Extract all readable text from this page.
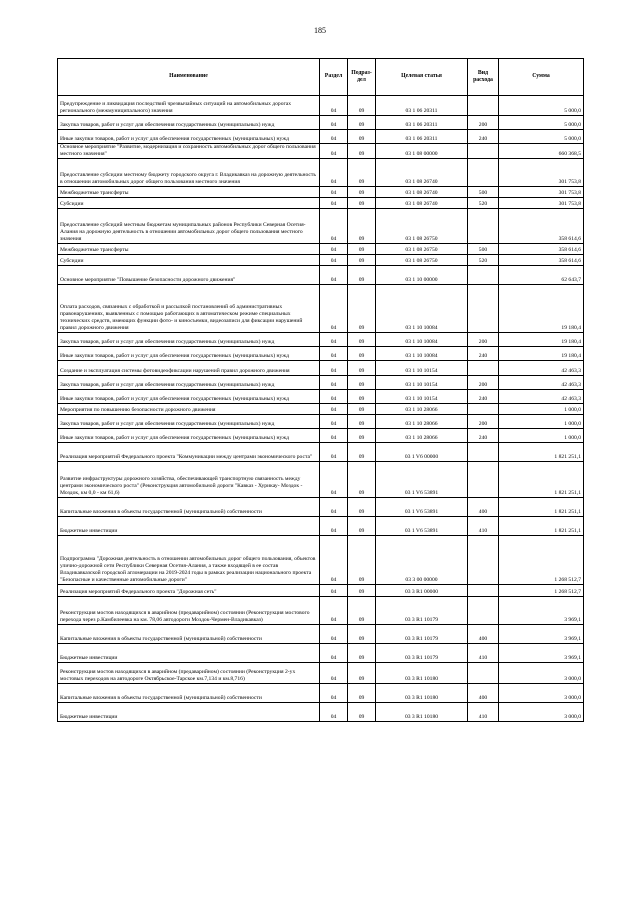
185
Наименование	Раздел	Подраз-дел	Целевая статья	Вид расхода	Сумма
Предупреждение и ликвидация последствий чрезвычайных ситуаций на автомобильных дорогах регионального (межмуниципального) значения	04	09	03 1 06 20311		5 000,0
Закупка товаров, работ и услуг для обеспечения государственных (муниципальных) нужд	04	09	03 1 06 20311	200	5 000,0
Иные закупки товаров, работ и услуг для обеспечения государственных (муниципальных) нужд	04	09	03 1 06 20311	240	5 000,0
Основное мероприятие "Развитие, модернизация и сохранность автомобильных дорог общего пользования местного значения"	04	09	03 1 08 00000		660 368,5
Предоставление субсидии местному бюджету городского округа г. Владикавказ на дорожную деятельность в отношении автомобильных дорог общего пользования местного значения	04	09	03 1 08 26740		301 753,8
Межбюджетные трансферты	04	09	03 1 08 26740	500	301 753,8
Субсидии	04	09	03 1 08 26740	520	301 753,8
Предоставление субсидий местным бюджетам муниципальных районов Республики Северная Осетия-Алания на дорожную деятельность в отношении автомобильных дорог общего пользования местного значения	04	09	03 1 08 26750		358 614,6
Межбюджетные трансферты	04	09	03 1 08 26750	500	358 614,6
Субсидии	04	09	03 1 08 26750	520	358 614,6
Основное мероприятие "Повышение безопасности дорожного движения"	04	09	03 1 10 00000		62 643,7
Оплата расходов, связанных с обработкой и рассылкой постановлений об административных правонарушениях, выявленных с помощью работающих в автоматическом режиме специальных технических средств, имеющих функции фото- и киносъемки, видеозаписи для фиксации нарушений правил дорожного движения	04	09	03 1 10 10084		19 180,4
Закупка товаров, работ и услуг для обеспечения государственных (муниципальных) нужд	04	09	03 1 10 10084	200	19 180,4
Иные закупки товаров, работ и услуг для обеспечения государственных (муниципальных) нужд	04	09	03 1 10 10084	240	19 180,4
Создание и эксплуатация системы фотовидеофиксации нарушений правил дорожного движения	04	09	03 1 10 10154		42 463,3
Закупка товаров, работ и услуг для обеспечения государственных (муниципальных) нужд	04	09	03 1 10 10154	200	42 463,3
Иные закупки товаров, работ и услуг для обеспечения государственных (муниципальных) нужд	04	09	03 1 10 10154	240	42 463,3
Мероприятия по повышению безопасности дорожного движения	04	09	03 1 10 28066		1 000,0
Закупка товаров, работ и услуг для обеспечения государственных (муниципальных) нужд	04	09	03 1 10 28066	200	1 000,0
Иные закупки товаров, работ и услуг для обеспечения государственных (муниципальных) нужд	04	09	03 1 10 28066	240	1 000,0
Реализация мероприятий Федерального проекта "Коммуникации между центрами экономического роста"	04	09	03 1 V6 00000		1 821 251,1
Развитие инфраструктуры дорожного хозяйства, обеспечивающей транспортную связанность между центрами экономического роста" (Реконструкция автомобильной дороги "Кавказ - Хурикау- Моздок - Моздок, км 0,0 - км 61,6)	04	09	03 1 V6 53891		1 821 251,1
Капитальные вложения в объекты государственной (муниципальной) собственности	04	09	03 1 V6 53891	400	1 821 251,1
Бюджетные инвестиции	04	09	03 1 V6 53891	410	1 821 251,1
Подпрограмма "Дорожная деятельность в отношении автомобильных дорог общего пользования, объектов улично-дорожной сети Республики Северная Осетия-Алания, а также входящей в ее состав Владикавказской городской агломерации на 2019-2024 годы в рамках реализации национального проекта "Безопасные и качественные автомобильные дороги"	04	09	03 3 00 00000		1 268 512,7
Реализация мероприятий Федерального проекта "Дорожная сеть"	04	09	03 3 R1 00000		1 268 512,7
Реконструкция мостов находящихся в аварийном (предаварийном) состоянии (Реконструкция мостового перехода через р.Камбилеевка на км. 78,06 автодороги Моздок-Чермен-Владикавказ)	04	09	03 3 R1 10179		3 969,1
Капитальные вложения в объекты государственной (муниципальной) собственности	04	09	03 3 R1 10179	400	3 969,1
Бюджетные инвестиции	04	09	03 3 R1 10179	410	3 969,1
Реконструкция мостов находящихся в аварийном (предаварийном) состоянии (Реконструкция 2-ух мостовых переходов на автодороге Октябрьское-Тарское км.7,134 и км.8,716)	04	09	03 3 R1 10180		3 000,0
Капитальные вложения в объекты государственной (муниципальной) собственности	04	09	03 3 R1 10180	400	3 000,0
Бюджетные инвестиции	04	09	03 3 R1 10180	410	3 000,0
